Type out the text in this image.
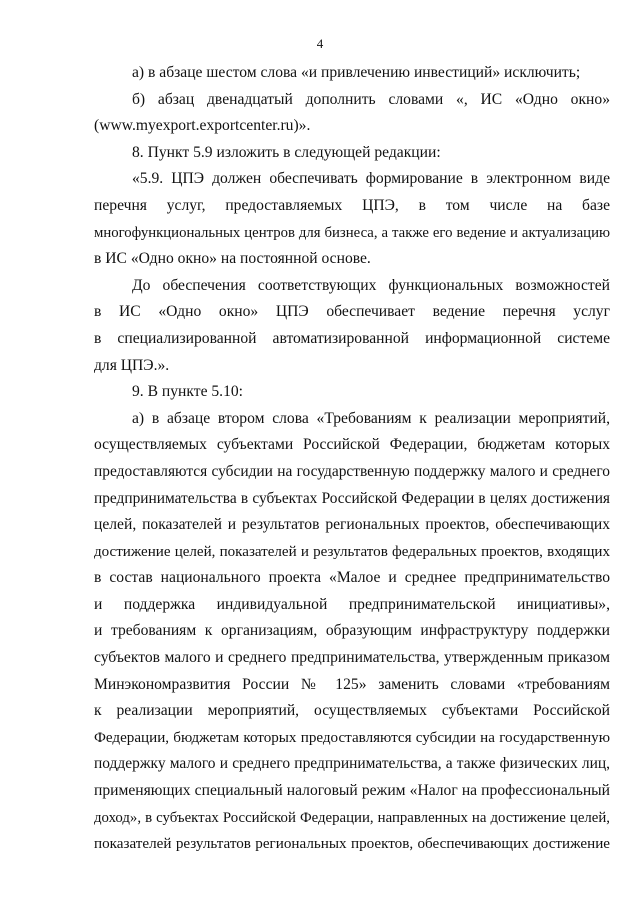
4
а) в абзаце шестом слова «и привлечению инвестиций» исключить;
б) абзац двенадцатый дополнить словами «, ИС «Одно окно»
(www.myexport.exportcenter.ru)».
8. Пункт 5.9 изложить в следующей редакции:
«5.9. ЦПЭ должен обеспечивать формирование в электронном виде
перечня услуг, предоставляемых ЦПЭ, в том числе на базе
многофункциональных центров для бизнеса, а также его ведение и актуализацию
в ИС «Одно окно» на постоянной основе.
До обеспечения соответствующих функциональных возможностей
в ИС «Одно окно» ЦПЭ обеспечивает ведение перечня услуг
в специализированной автоматизированной информационной системе
для ЦПЭ.».
9. В пункте 5.10:
а) в абзаце втором слова «Требованиям к реализации мероприятий,
осуществляемых субъектами Российской Федерации, бюджетам которых
предоставляются субсидии на государственную поддержку малого и среднего
предпринимательства в субъектах Российской Федерации в целях достижения
целей, показателей и результатов региональных проектов, обеспечивающих
достижение целей, показателей и результатов федеральных проектов, входящих
в состав национального проекта «Малое и среднее предпринимательство
и поддержка индивидуальной предпринимательской инициативы»,
и требованиям к организациям, образующим инфраструктуру поддержки
субъектов малого и среднего предпринимательства, утвержденным приказом
Минэкономразвития России № 125» заменить словами «требованиям
к реализации мероприятий, осуществляемых субъектами Российской
Федерации, бюджетам которых предоставляются субсидии на государственную
поддержку малого и среднего предпринимательства, а также физических лиц,
применяющих специальный налоговый режим «Налог на профессиональный
доход», в субъектах Российской Федерации, направленных на достижение целей,
показателей результатов региональных проектов, обеспечивающих достижение
